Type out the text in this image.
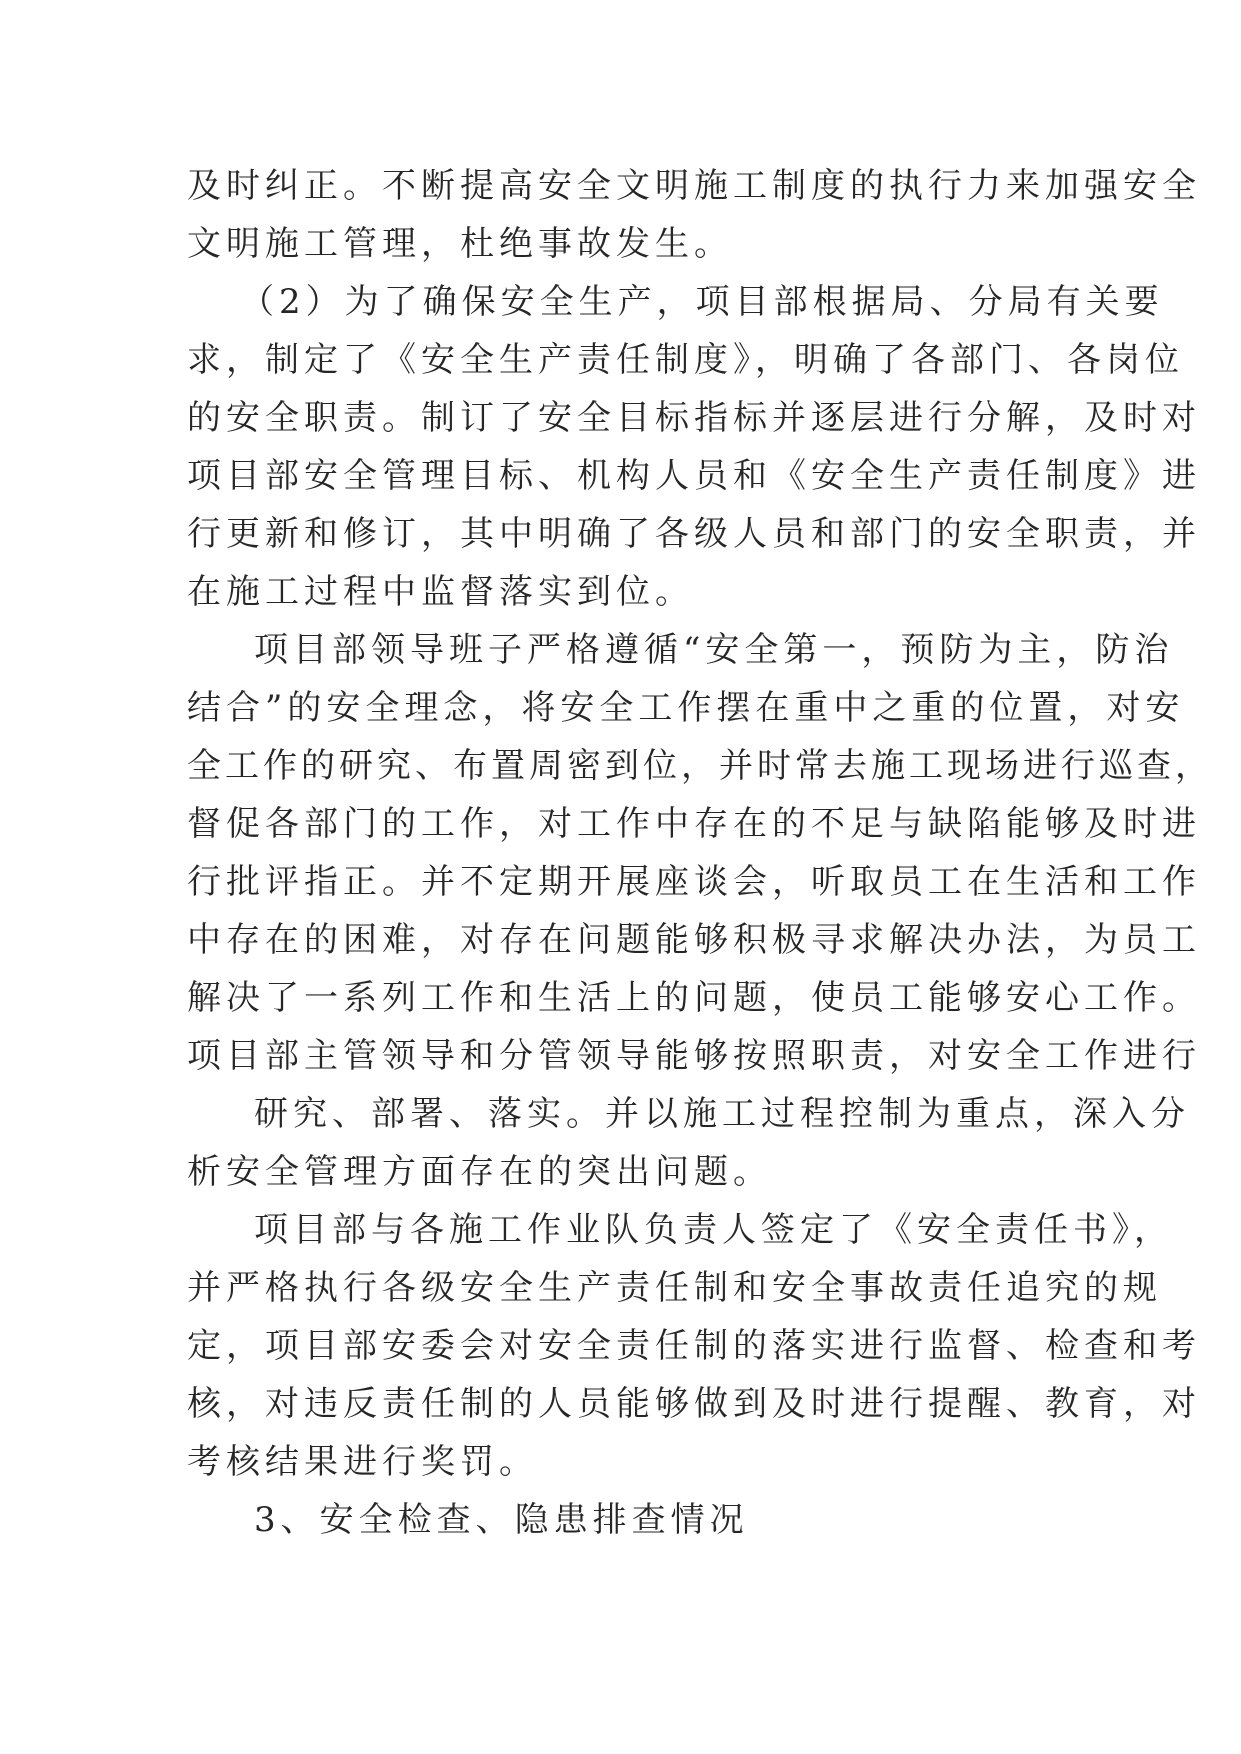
及时纠正。不断提高安全文明施工制度的执行力来加强安全
文明施工管理，杜绝事故发生。
（2）为了确保安全生产，项目部根据局、分局有关要
求，制定了《安全生产责任制度》，明确了各部门、各岗位
的安全职责。制订了安全目标指标并逐层进行分解，及时对
项目部安全管理目标、机构人员和《安全生产责任制度》进
行更新和修订，其中明确了各级人员和部门的安全职责，并
在施工过程中监督落实到位。
项目部领导班子严格遵循“安全第一，预防为主，防治
结合”的安全理念，将安全工作摆在重中之重的位置，对安
全工作的研究、布置周密到位，并时常去施工现场进行巡查，
督促各部门的工作，对工作中存在的不足与缺陷能够及时进
行批评指正。并不定期开展座谈会，听取员工在生活和工作
中存在的困难，对存在问题能够积极寻求解决办法，为员工
解决了一系列工作和生活上的问题，使员工能够安心工作。
项目部主管领导和分管领导能够按照职责，对安全工作进行
研究、部署、落实。并以施工过程控制为重点，深入分
析安全管理方面存在的突出问题。
项目部与各施工作业队负责人签定了《安全责任书》，
并严格执行各级安全生产责任制和安全事故责任追究的规
定，项目部安委会对安全责任制的落实进行监督、检查和考
核，对违反责任制的人员能够做到及时进行提醒、教育，对
考核结果进行奖罚。
3、安全检查、隐患排查情况
